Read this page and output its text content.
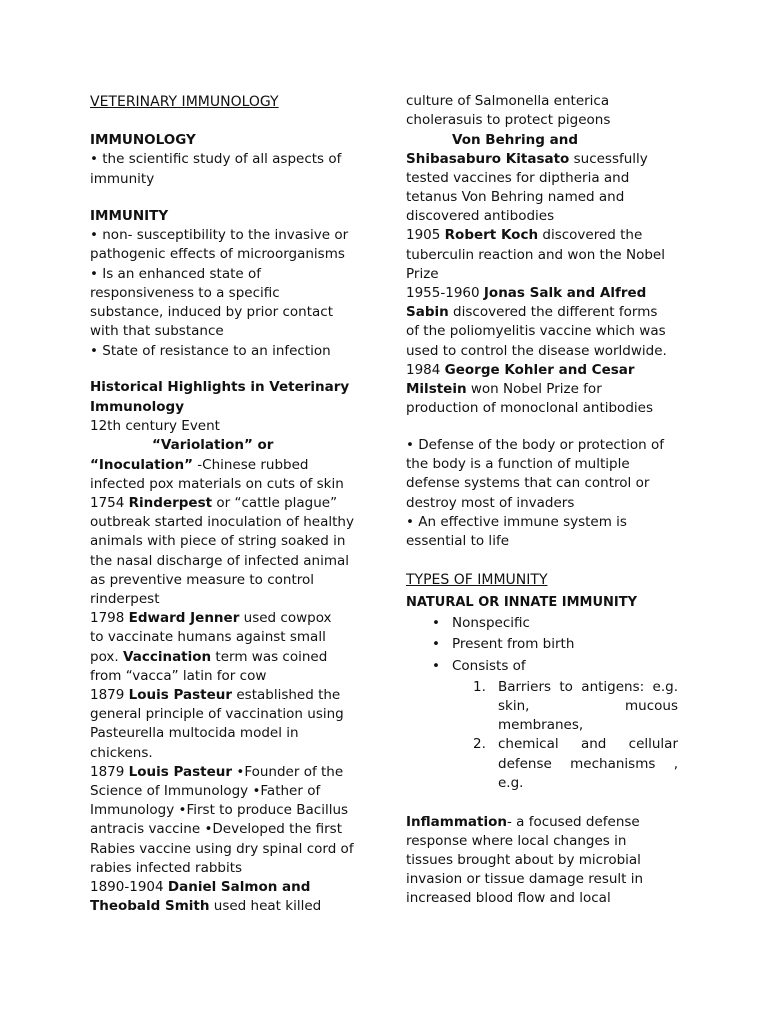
VETERINARY IMMUNOLOGY
IMMUNOLOGY
• the scientific study of all aspects of
immunity
IMMUNITY
• non- susceptibility to the invasive or
pathogenic effects of microorganisms
• Is an enhanced state of
responsiveness to a specific
substance, induced by prior contact
with that substance
• State of resistance to an infection
Historical Highlights in Veterinary
Immunology
12th century Event
“Variolation” or
“Inoculation” -Chinese rubbed
infected pox materials on cuts of skin
1754 Rinderpest or “cattle plague”
outbreak started inoculation of healthy
animals with piece of string soaked in
the nasal discharge of infected animal
as preventive measure to control
rinderpest
1798 Edward Jenner used cowpox
to vaccinate humans against small
pox. Vaccination term was coined
from “vacca” latin for cow
1879 Louis Pasteur established the
general principle of vaccination using
Pasteurella multocida model in
chickens.
1879 Louis Pasteur •Founder of the
Science of Immunology •Father of
Immunology •First to produce Bacillus
antracis vaccine •Developed the first
Rabies vaccine using dry spinal cord of
rabies infected rabbits
1890-1904 Daniel Salmon and
Theobald Smith used heat killed
culture of Salmonella enterica
cholerasuis to protect pigeons
Von Behring and
Shibasaburo Kitasato sucessfully
tested vaccines for diptheria and
tetanus Von Behring named and
discovered antibodies
1905 Robert Koch discovered the
tuberculin reaction and won the Nobel
Prize
1955-1960 Jonas Salk and Alfred
Sabin discovered the different forms
of the poliomyelitis vaccine which was
used to control the disease worldwide.
1984 George Kohler and Cesar
Milstein won Nobel Prize for
production of monoclonal antibodies
• Defense of the body or protection of
the body is a function of multiple
defense systems that can control or
destroy most of invaders
• An effective immune system is
essential to life
TYPES OF IMMUNITY
NATURAL OR INNATE IMMUNITY
• Nonspecific
• Present from birth
• Consists of
1. Barriers to antigens: e.g.
skin,	mucous
membranes,
2. chemical and cellular
defense mechanisms ,
e.g.
Inflammation- a focused defense
response where local changes in
tissues brought about by microbial
invasion or tissue damage result in
increased blood flow and local
